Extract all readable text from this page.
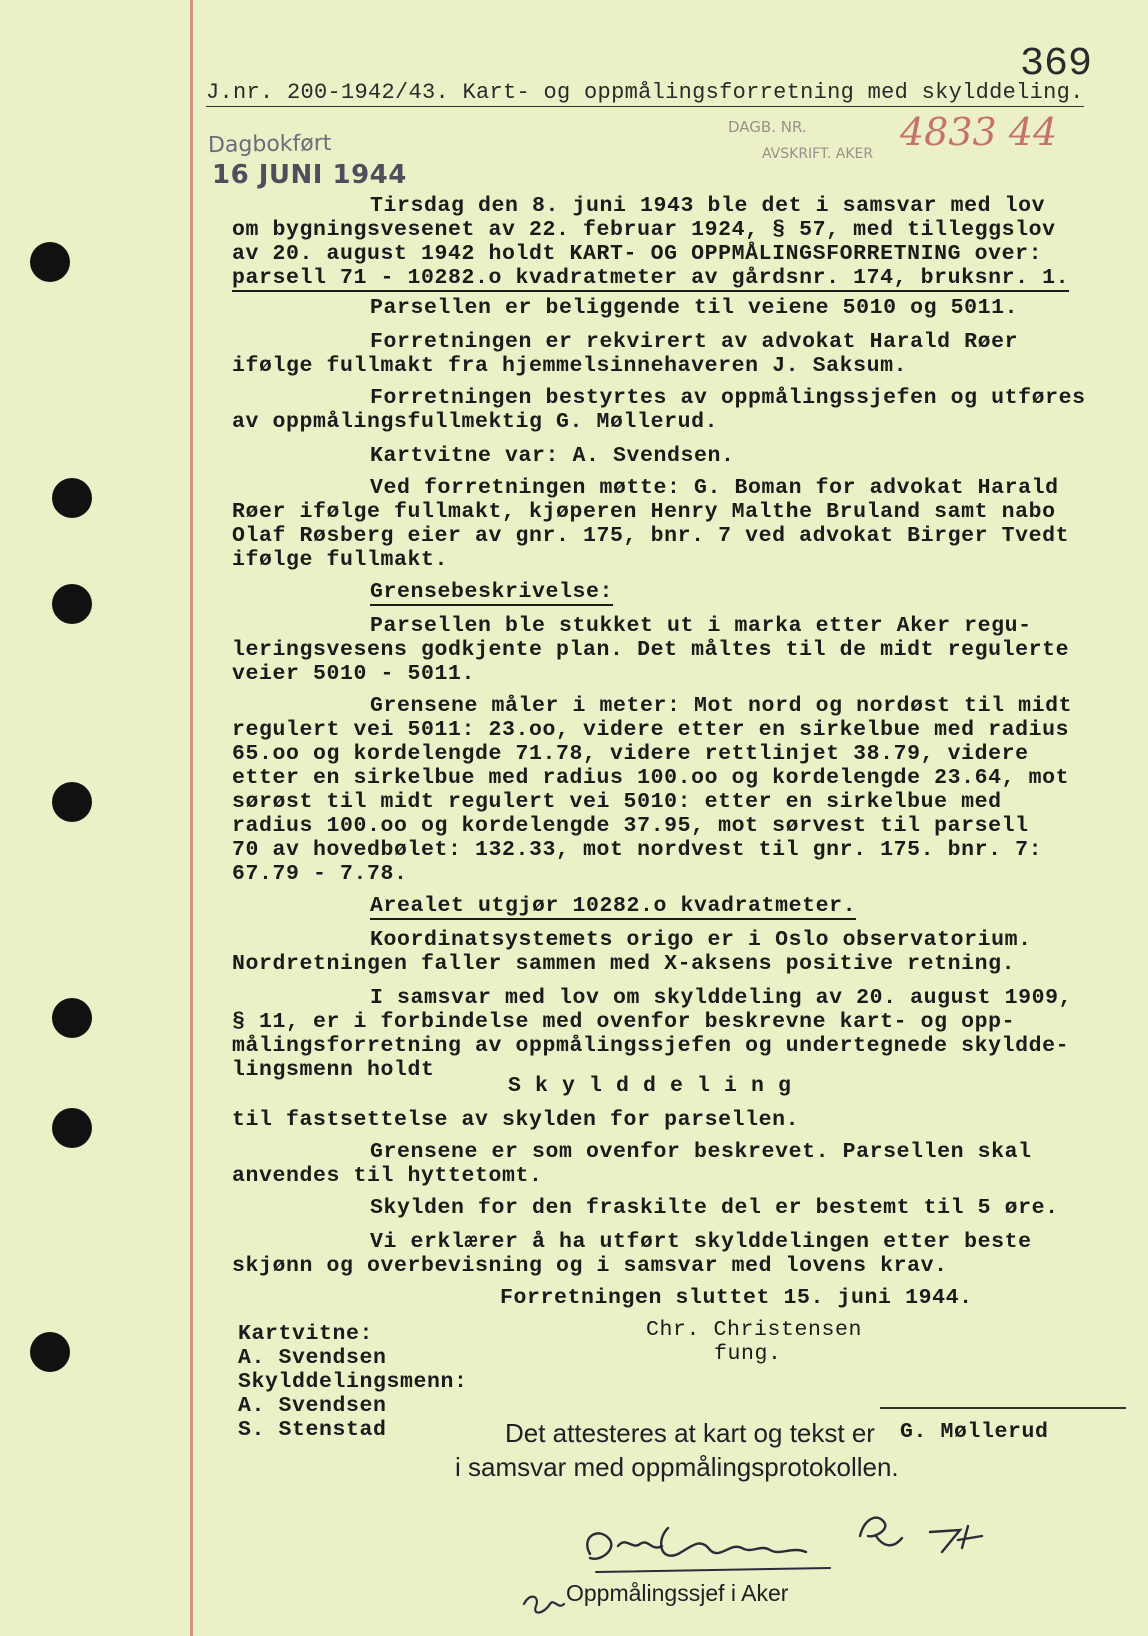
369
J.nr. 200-1942/43. Kart- og oppmålingsforretning med skylddeling.
Dagbokført
16 JUNI 1944
DAGB. NR.
AVSKRIFT. AKER 4833 44
Tirsdag den 8. juni 1943 ble det i samsvar med lov
om bygningsvesenet av 22. februar 1924, § 57, med tilleggslov
av 20. august 1942 holdt KART- OG OPPMÅLINGSFORRETNING over:
parsell 71 - 10282.o kvadratmeter av gårdsnr. 174, bruksnr. 1.
Parsellen er beliggende til veiene 5010 og 5011.
Forretningen er rekvirert av advokat Harald Røer
ifølge fullmakt fra hjemmelsinnehaveren J. Saksum.
Forretningen bestyrtes av oppmålingssjefen og utføres
av oppmålingsfullmektig G. Møllerud.
Kartvitne var: A. Svendsen.
Ved forretningen møtte: G. Boman for advokat Harald
Røer ifølge fullmakt, kjøperen Henry Malthe Bruland samt nabo
Olaf Røsberg eier av gnr. 175, bnr. 7 ved advokat Birger Tvedt
ifølge fullmakt.
Grensebeskrivelse:
Parsellen ble stukket ut i marka etter Aker regu-
leringsvesens godkjente plan. Det måltes til de midt regulerte
veier 5010 - 5011.
Grensene måler i meter: Mot nord og nordøst til midt
regulert vei 5011: 23.oo, videre etter en sirkelbue med radius
65.oo og kordelengde 71.78, videre rettlinjet 38.79, videre
etter en sirkelbue med radius 100.oo og kordelengde 23.64, mot
sørøst til midt regulert vei 5010: etter en sirkelbue med
radius 100.oo og kordelengde 37.95, mot sørvest til parsell
70 av hovedbølet: 132.33, mot nordvest til gnr. 175. bnr. 7:
67.79 - 7.78.
Arealet utgjør 10282.o kvadratmeter.
Koordinatsystemets origo er i Oslo observatorium.
Nordretningen faller sammen med X-aksens positive retning.
I samsvar med lov om skylddeling av 20. august 1909,
§ 11, er i forbindelse med ovenfor beskrevne kart- og opp-
målingsforretning av oppmålingssjefen og undertegnede skyldde-
lingsmenn holdt
S k y l d d e l i n g
til fastsettelse av skylden for parsellen.
Grensene er som ovenfor beskrevet. Parsellen skal
anvendes til hyttetomt.
Skylden for den fraskilte del er bestemt til 5 øre.
Vi erklærer å ha utført skylddelingen etter beste
skjønn og overbevisning og i samsvar med lovens krav.
Forretningen sluttet 15. juni 1944.
Kartvitne:
A. Svendsen
Skylddelingsmenn:
A. Svendsen
S. Stenstad
Chr. Christensen
fung.
G. Møllerud
Det attesteres at kart og tekst er
i samsvar med oppmålingsprotokollen.
Oppmålingssjef i Aker
